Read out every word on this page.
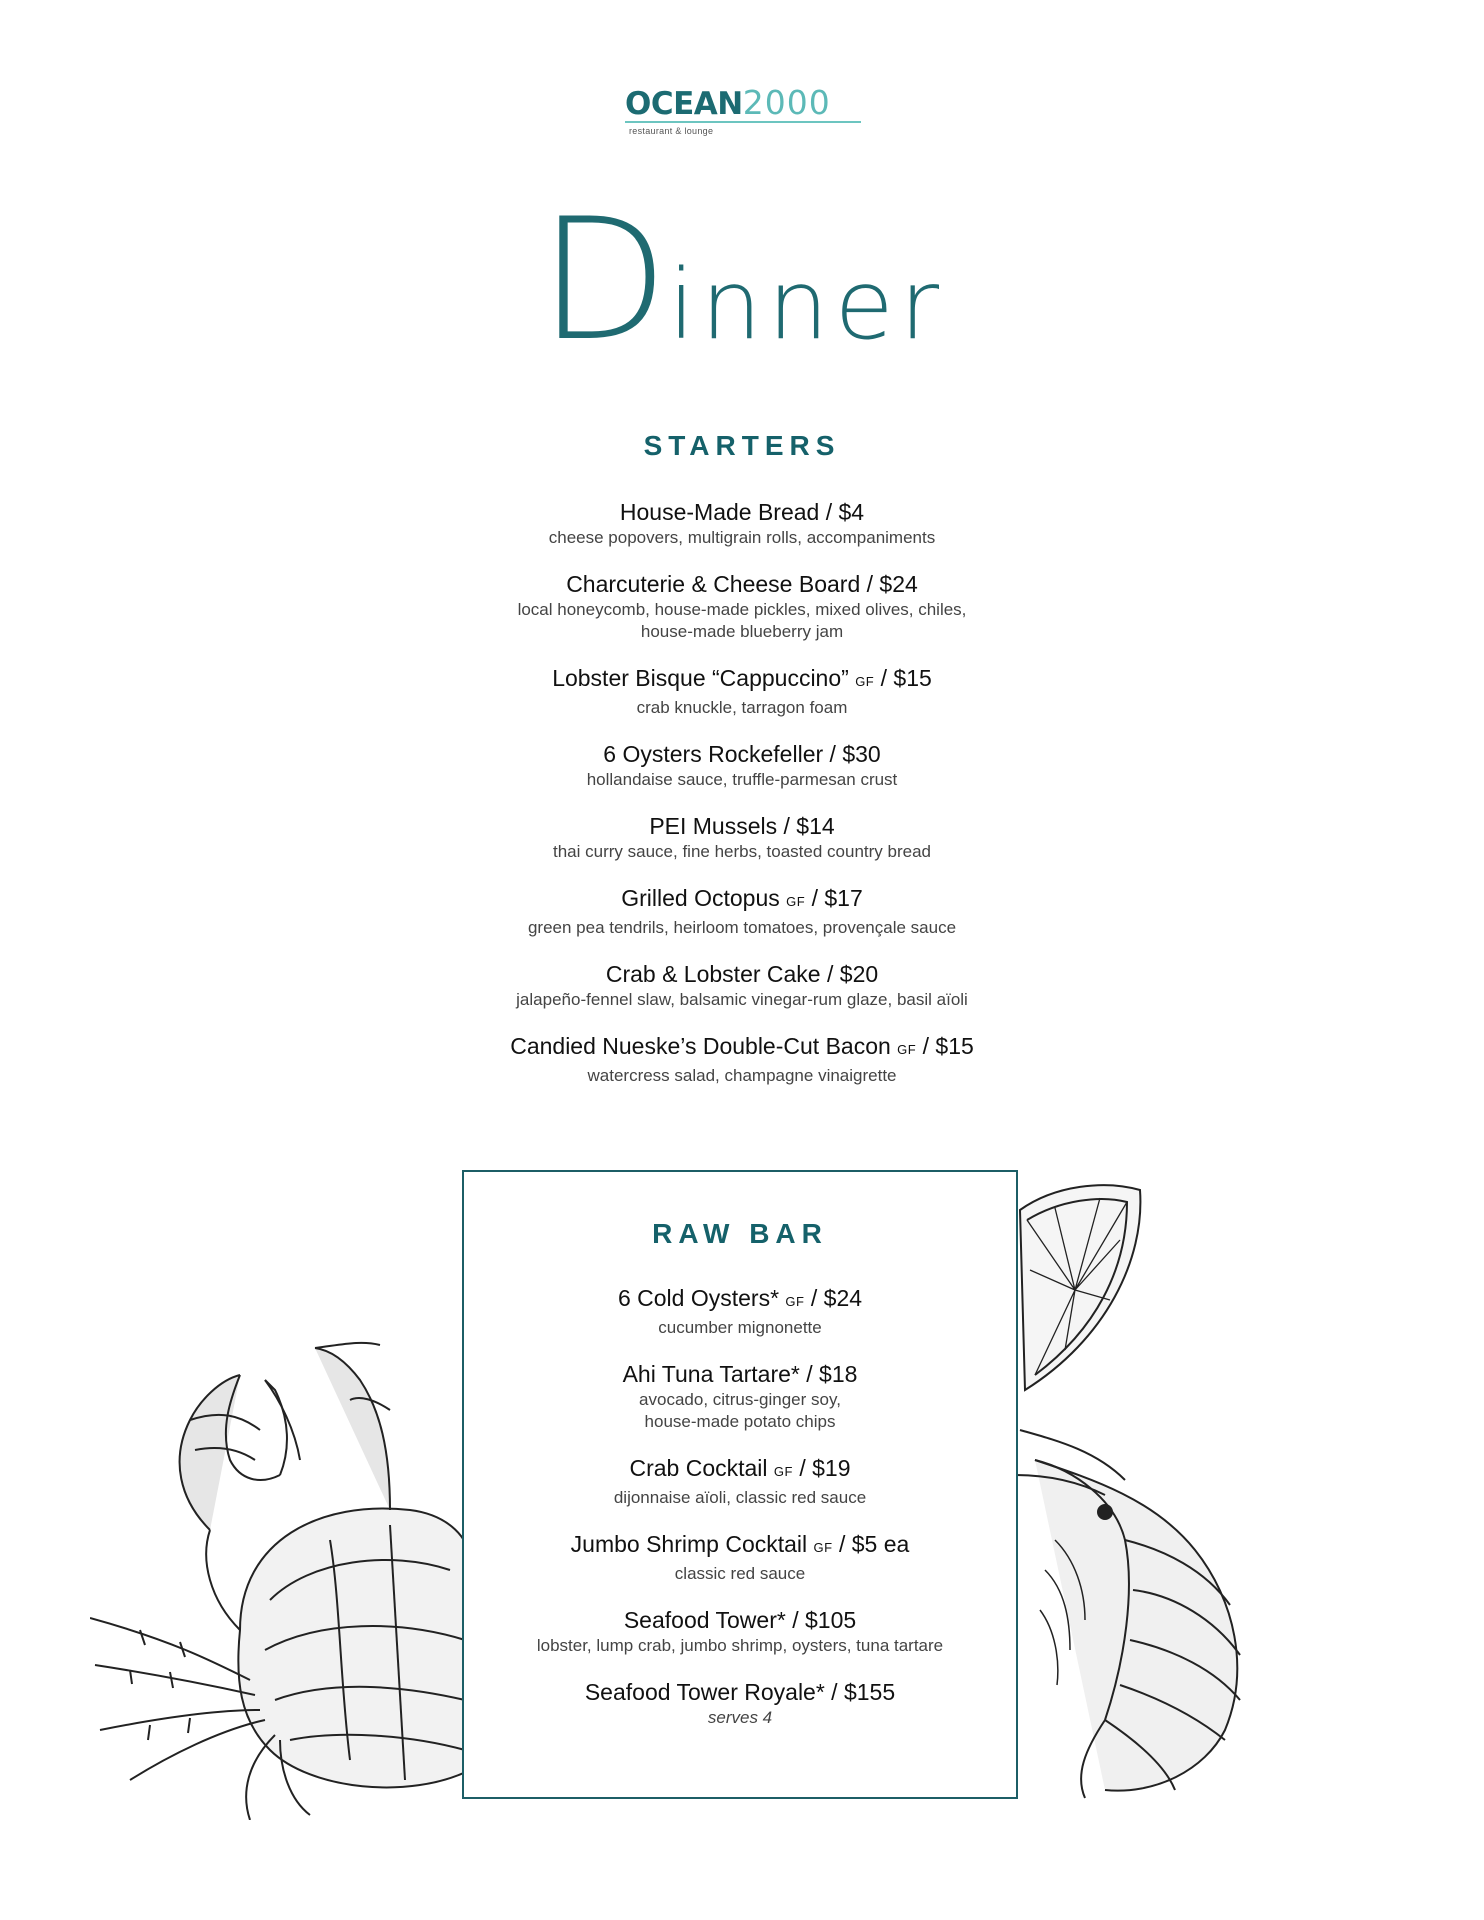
OCEAN 2000
restaurant & lounge
Dinner
STARTERS
House-Made Bread / $4
cheese popovers, multigrain rolls, accompaniments
Charcuterie & Cheese Board / $24
local honeycomb, house-made pickles, mixed olives, chiles,
house-made blueberry jam
Lobster Bisque “Cappuccino” GF / $15
crab knuckle, tarragon foam
6 Oysters Rockefeller / $30
hollandaise sauce, truffle-parmesan crust
PEI Mussels / $14
thai curry sauce, fine herbs, toasted country bread
Grilled Octopus GF / $17
green pea tendrils, heirloom tomatoes, provençale sauce
Crab & Lobster Cake / $20
jalapeño-fennel slaw, balsamic vinegar-rum glaze, basil aïoli
Candied Nueske’s Double-Cut Bacon GF / $15
watercress salad, champagne vinaigrette
RAW BAR
6 Cold Oysters* GF / $24
cucumber mignonette
Ahi Tuna Tartare* / $18
avocado, citrus-ginger soy,
house-made potato chips
Crab Cocktail GF / $19
dijonnaise aïoli, classic red sauce
Jumbo Shrimp Cocktail GF / $5 ea
classic red sauce
Seafood Tower* / $105
lobster, lump crab, jumbo shrimp, oysters, tuna tartare
Seafood Tower Royale* / $155
serves 4
